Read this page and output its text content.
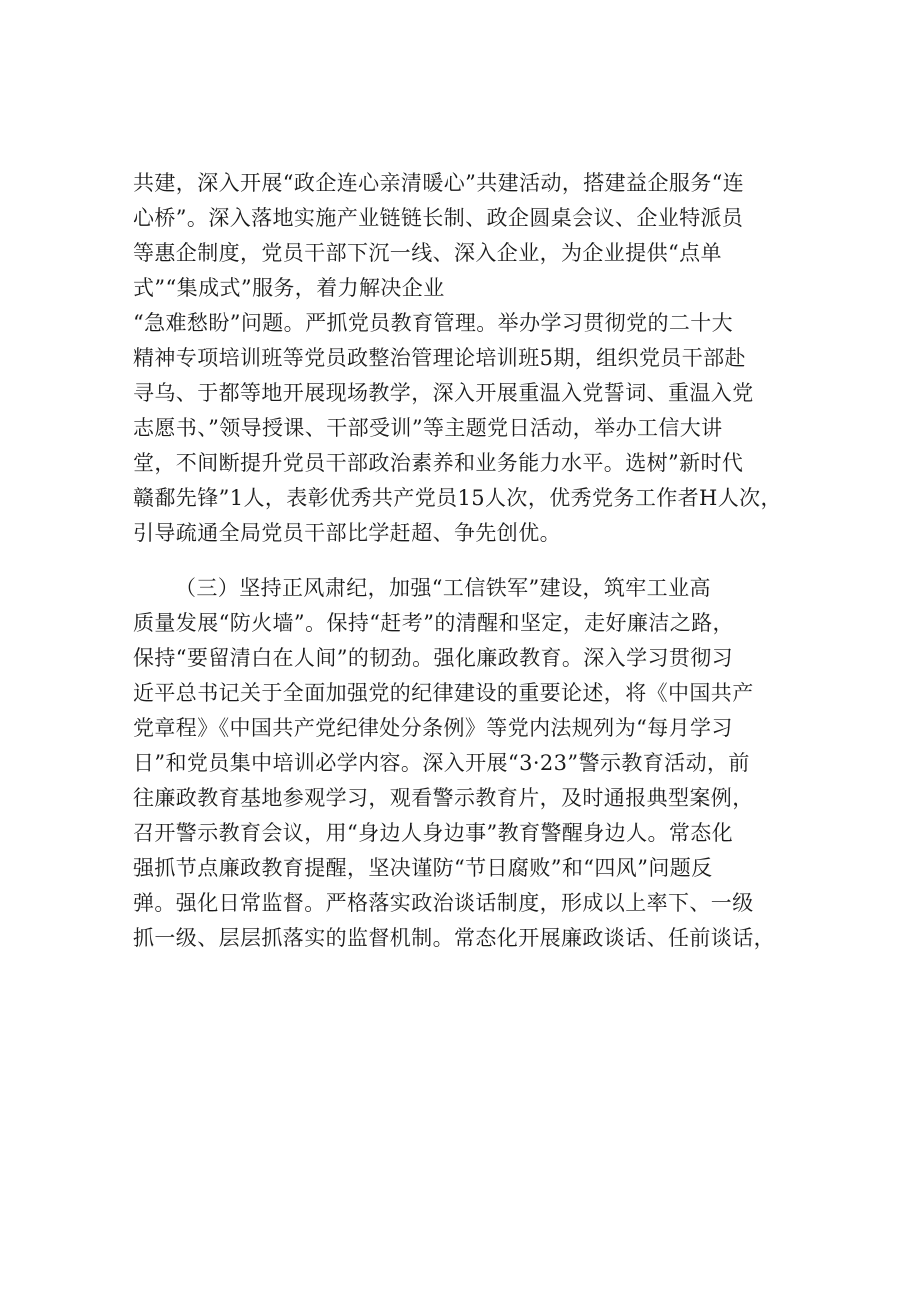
共建，深入开展“政企连心亲清暖心”共建活动，搭建益企服务“连
心桥”。深入落地实施产业链链长制、政企圆桌会议、企业特派员
等惠企制度，党员干部下沉一线、深入企业，为企业提供“点单
式”“集成式”服务，着力解决企业
“急难愁盼”问题。严抓党员教育管理。举办学习贯彻党的二十大
精神专项培训班等党员政整治管理论培训班5期，组织党员干部赴
寻乌、于都等地开展现场教学，深入开展重温入党誓词、重温入党
志愿书、”领导授课、干部受训”等主题党日活动，举办工信大讲
堂，不间断提升党员干部政治素养和业务能力水平。选树”新时代
赣鄱先锋”1人，表彰优秀共产党员15人次，优秀党务工作者H人次，
引导疏通全局党员干部比学赶超、争先创优。
（三）坚持正风肃纪，加强“工信铁军”建设，筑牢工业高
质量发展“防火墙”。保持“赶考”的清醒和坚定，走好廉洁之路，
保持“要留清白在人间”的韧劲。强化廉政教育。深入学习贯彻习
近平总书记关于全面加强党的纪律建设的重要论述，将《中国共产
党章程》《中国共产党纪律处分条例》等党内法规列为“每月学习
日”和党员集中培训必学内容。深入开展“3·23”警示教育活动，前
往廉政教育基地参观学习，观看警示教育片，及时通报典型案例，
召开警示教育会议，用“身边人身边事”教育警醒身边人。常态化
强抓节点廉政教育提醒，坚决谨防“节日腐败”和“四风”问题反
弹。强化日常监督。严格落实政治谈话制度，形成以上率下、一级
抓一级、层层抓落实的监督机制。常态化开展廉政谈话、任前谈话，
